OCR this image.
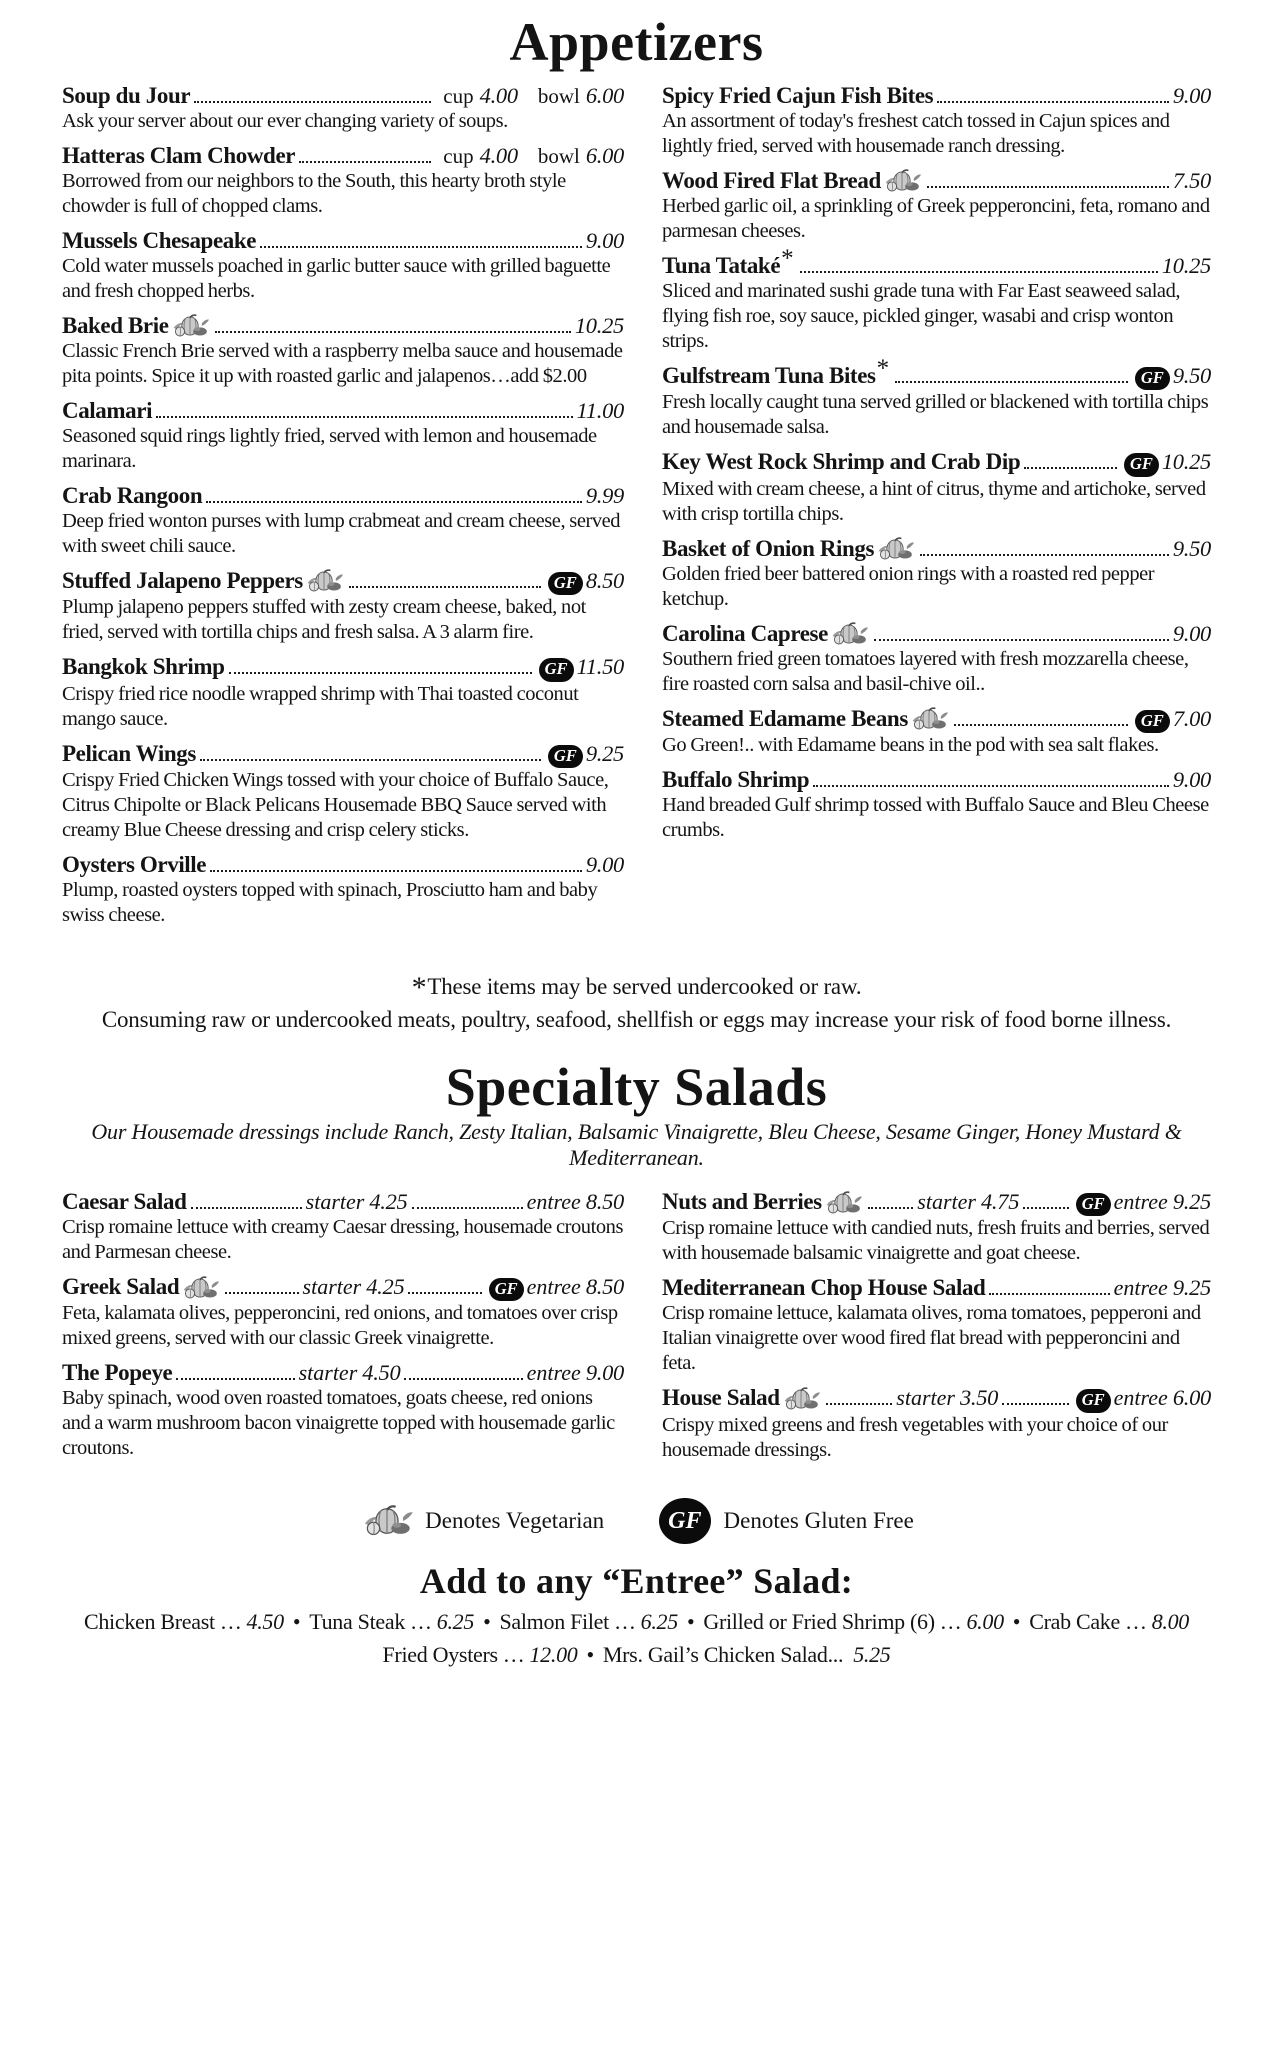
Appetizers
Soup du Jour	cup 4.00 bowl 6.00
Ask your server about our ever changing variety of soups.
Hatteras Clam Chowder	cup 4.00 bowl 6.00
Borrowed from our neighbors to the South, this hearty broth style chowder is full of chopped clams.
Mussels Chesapeake	9.00
Cold water mussels poached in garlic butter sauce with grilled baguette and fresh chopped herbs.
Baked Brie	10.25
Classic French Brie served with a raspberry melba sauce and housemade pita points. Spice it up with roasted garlic and jalapenos…add $2.00
Calamari	11.00
Seasoned squid rings lightly fried, served with lemon and housemade marinara.
Crab Rangoon	9.99
Deep fried wonton purses with lump crabmeat and cream cheese, served with sweet chili sauce.
Stuffed Jalapeno Peppers	GF 8.50
Plump jalapeno peppers stuffed with zesty cream cheese, baked, not fried, served with tortilla chips and fresh salsa. A 3 alarm fire.
Bangkok Shrimp	GF 11.50
Crispy fried rice noodle wrapped shrimp with Thai toasted coconut mango sauce.
Pelican Wings	GF 9.25
Crispy Fried Chicken Wings tossed with your choice of Buffalo Sauce, Citrus Chipolte or Black Pelicans Housemade BBQ Sauce served with creamy Blue Cheese dressing and crisp celery sticks.
Oysters Orville	9.00
Plump, roasted oysters topped with spinach, Prosciutto ham and baby swiss cheese.
Spicy Fried Cajun Fish Bites	9.00
An assortment of today's freshest catch tossed in Cajun spices and lightly fried, served with housemade ranch dressing.
Wood Fired Flat Bread	7.50
Herbed garlic oil, a sprinkling of Greek pepperoncini, feta, romano and parmesan cheeses.
Tuna Tataké *	10.25
Sliced and marinated sushi grade tuna with Far East seaweed salad, flying fish roe, soy sauce, pickled ginger, wasabi and crisp wonton strips.
Gulfstream Tuna Bites *	GF 9.50
Fresh locally caught tuna served grilled or blackened with tortilla chips and housemade salsa.
Key West Rock Shrimp and Crab Dip	GF 10.25
Mixed with cream cheese, a hint of citrus, thyme and artichoke, served with crisp tortilla chips.
Basket of Onion Rings	9.50
Golden fried beer battered onion rings with a roasted red pepper ketchup.
Carolina Caprese	9.00
Southern fried green tomatoes layered with fresh mozzarella cheese, fire roasted corn salsa and basil-chive oil..
Steamed Edamame Beans	GF 7.00
Go Green!.. with Edamame beans in the pod with sea salt flakes.
Buffalo Shrimp	9.00
Hand breaded Gulf shrimp tossed with Buffalo Sauce and Bleu Cheese crumbs.
*These items may be served undercooked or raw.
Consuming raw or undercooked meats, poultry, seafood, shellfish or eggs may increase your risk of food borne illness.
Specialty Salads
Our Housemade dressings include Ranch, Zesty Italian, Balsamic Vinaigrette, Bleu Cheese, Sesame Ginger, Honey Mustard & Mediterranean.
Caesar Salad	starter 4.25	entree 8.50
Crisp romaine lettuce with creamy Caesar dressing, housemade croutons and Parmesan cheese.
Greek Salad	starter 4.25	GF entree 8.50
Feta, kalamata olives, pepperoncini, red onions, and tomatoes over crisp mixed greens, served with our classic Greek vinaigrette.
The Popeye	starter 4.50	entree 9.00
Baby spinach, wood oven roasted tomatoes, goats cheese, red onions and a warm mushroom bacon vinaigrette topped with housemade garlic croutons.
Nuts and Berries	starter 4.75	GF entree 9.25
Crisp romaine lettuce with candied nuts, fresh fruits and berries, served with housemade balsamic vinaigrette and goat cheese.
Mediterranean Chop House Salad	entree 9.25
Crisp romaine lettuce, kalamata olives, roma tomatoes, pepperoni and Italian vinaigrette over wood fired flat bread with pepperoncini and feta.
House Salad	starter 3.50	GF entree 6.00
Crispy mixed greens and fresh vegetables with your choice of our housemade dressings.
Denotes Vegetarian	GF Denotes Gluten Free
Add to any “Entree” Salad:
Chicken Breast … 4.50 • Tuna Steak … 6.25 • Salmon Filet … 6.25 • Grilled or Fried Shrimp (6) … 6.00 • Crab Cake … 8.00
Fried Oysters … 12.00 • Mrs. Gail’s Chicken Salad... 5.25
